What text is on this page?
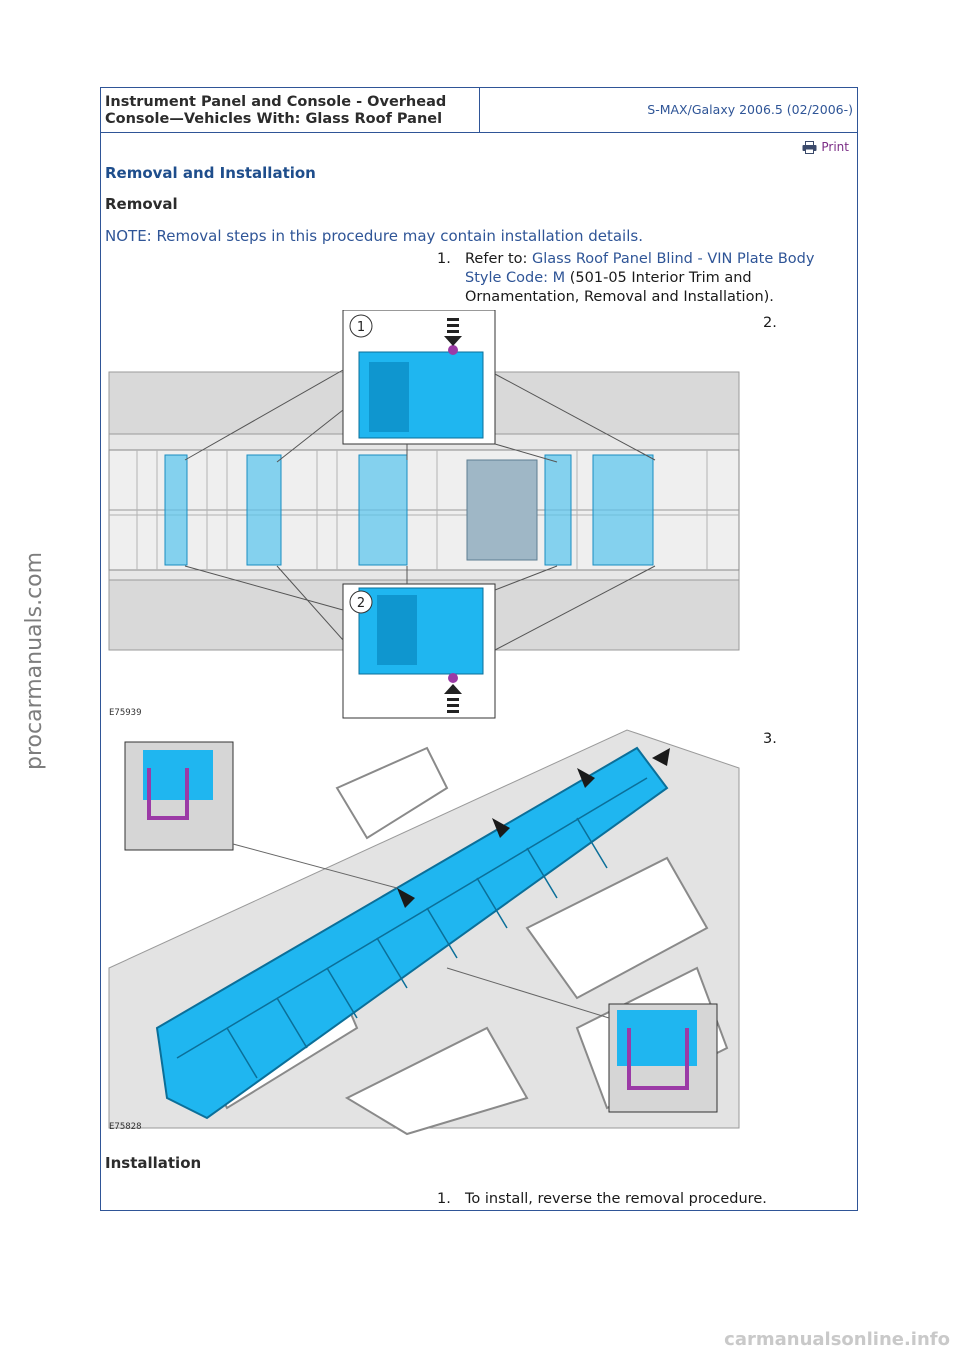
Instrument Panel and Console - Overhead
Console—Vehicles With: Glass Roof Panel
S-MAX/Galaxy 2006.5 (02/2006-)
Print
Removal and Installation
Removal
NOTE: Removal steps in this procedure may contain installation details.
1. Refer to: Glass Roof Panel Blind - VIN Plate Body Style Code: M (501-05 Interior Trim and Ornamentation, Removal and Installation).
2.
1
2
E75939
3.
E75828
Installation
1. To install, reverse the removal procedure.
procarmanuals.com
carmanualsonline.info
